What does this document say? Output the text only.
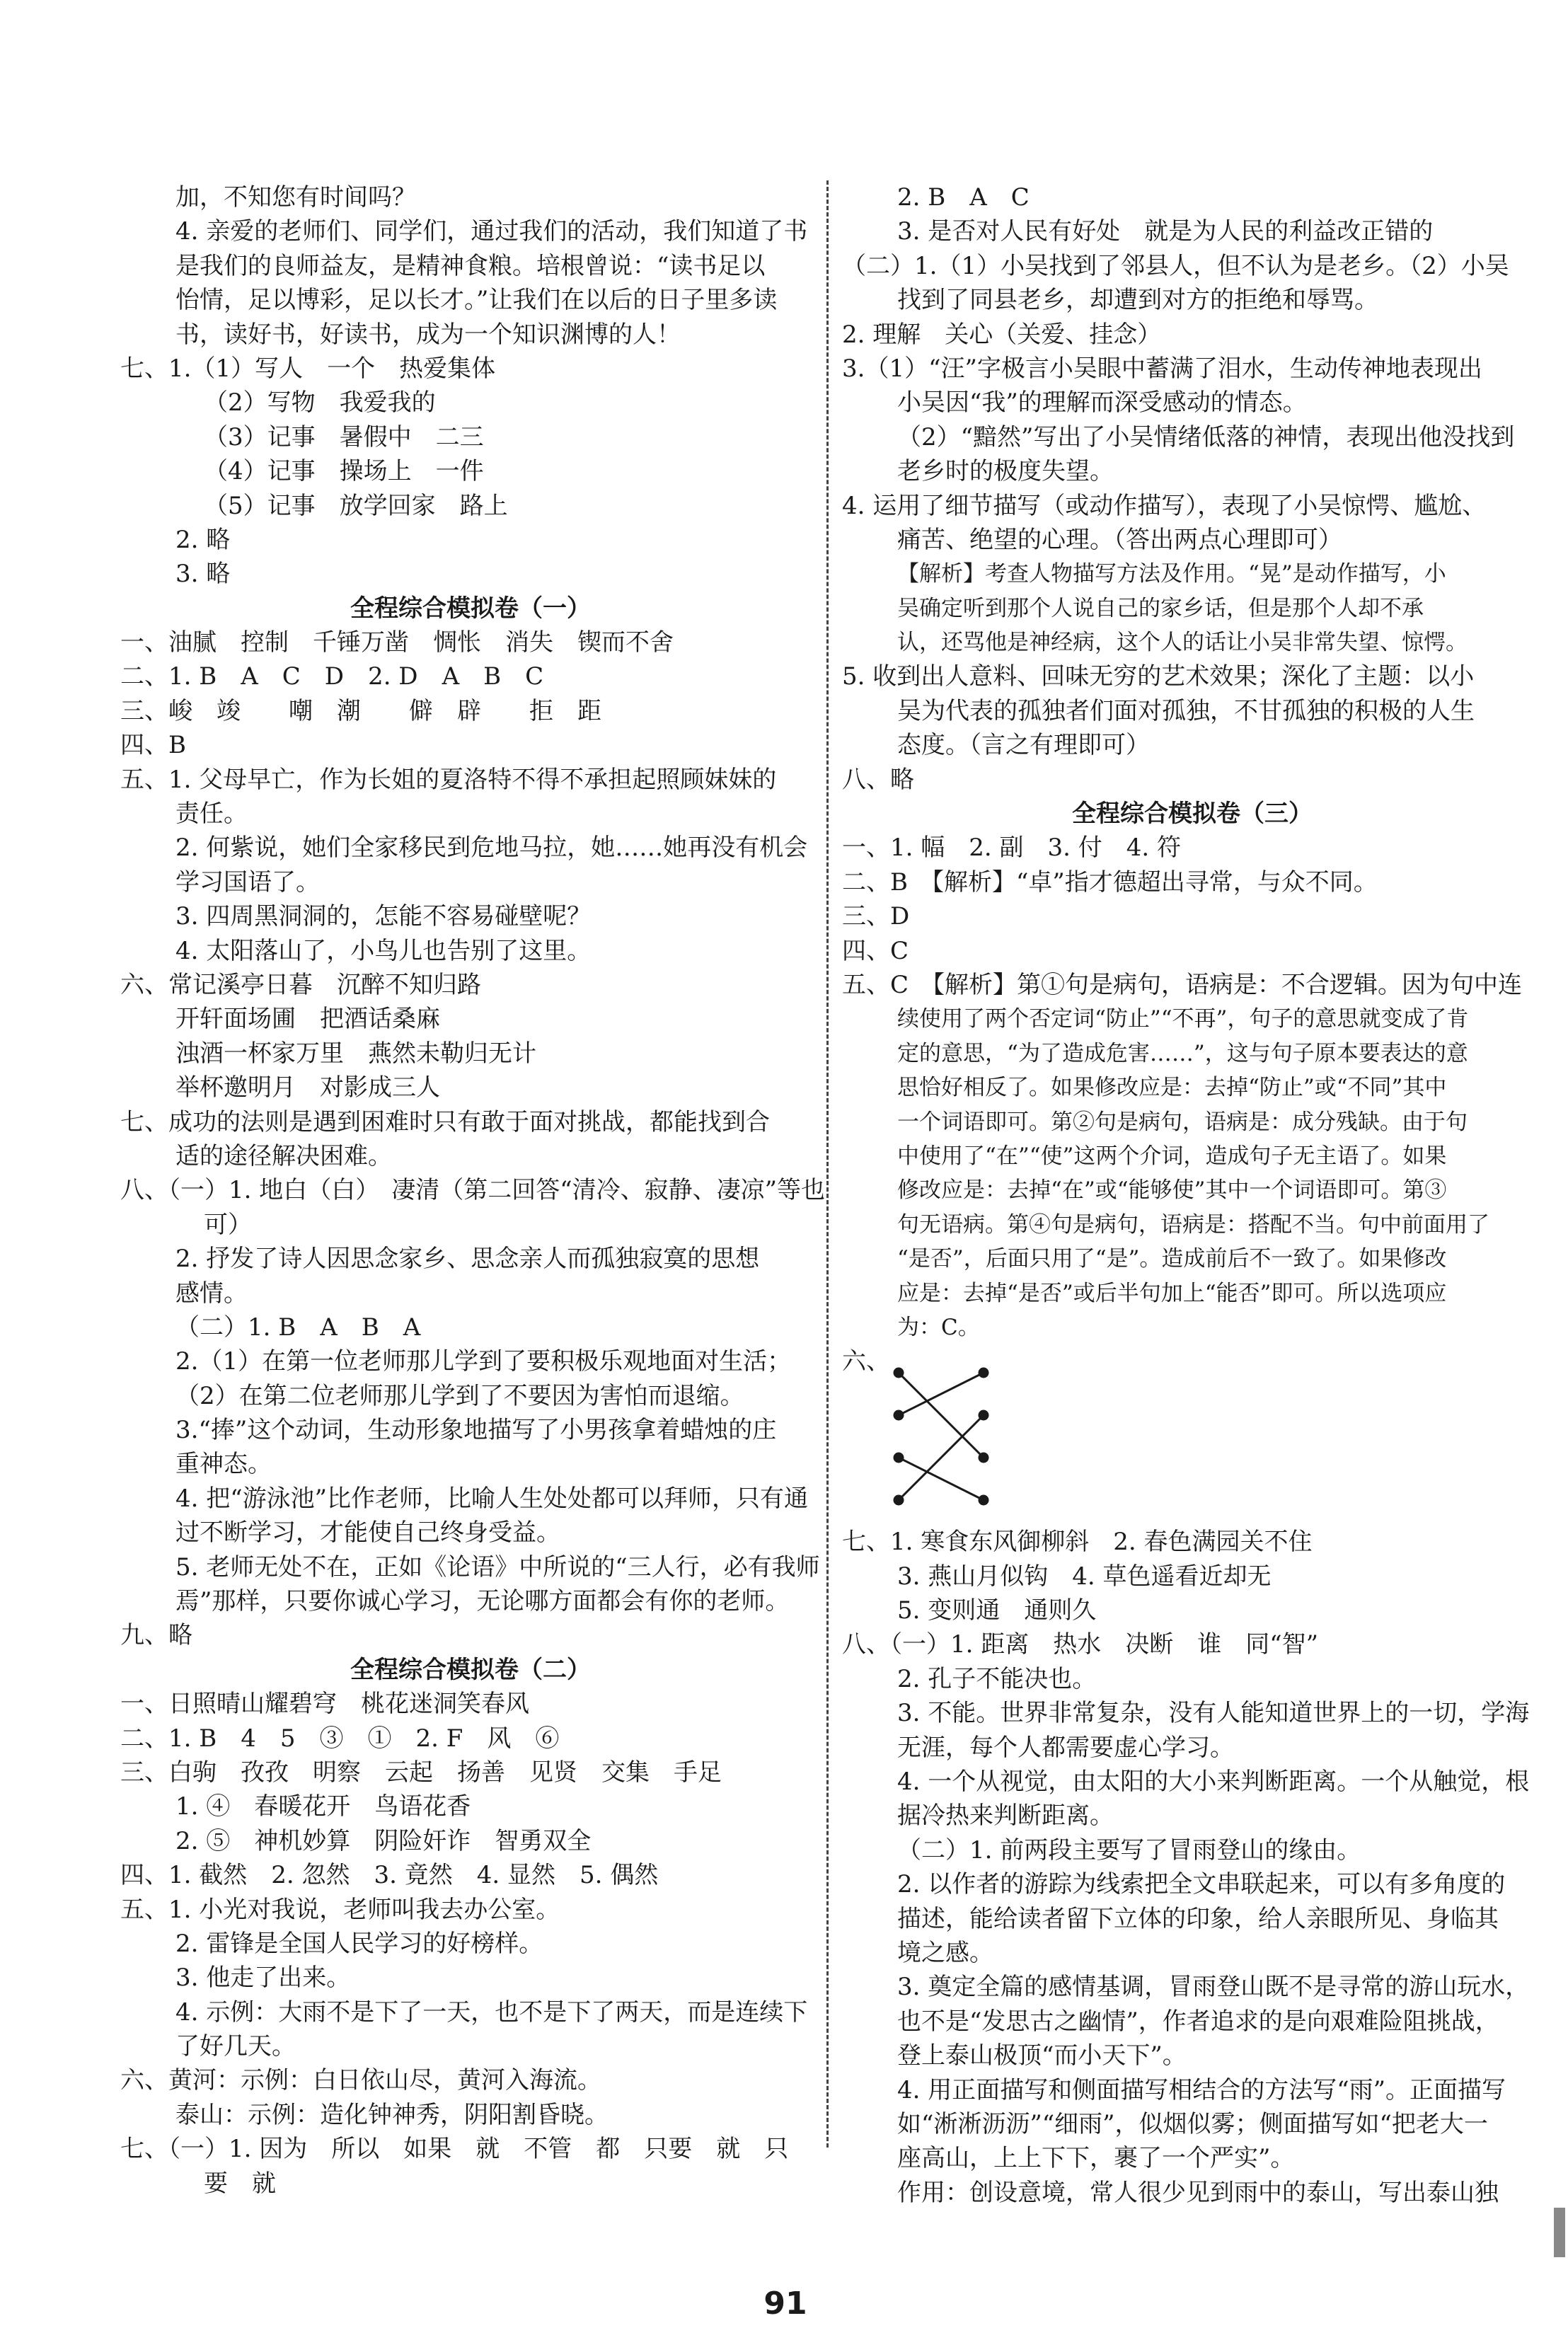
加，不知您有时间吗？
4. 亲爱的老师们、同学们，通过我们的活动，我们知道了书
是我们的良师益友，是精神食粮。培根曾说：“读书足以
怡情，足以博彩，足以长才。”让我们在以后的日子里多读
书，读好书，好读书，成为一个知识渊博的人！
七、1.（1）写人　一个　热爱集体
（2）写物　我爱我的
（3）记事　暑假中　二三
（4）记事　操场上　一件
（5）记事　放学回家　路上
2. 略
3. 略
全程综合模拟卷（一）
一、油腻　控制　千锤万凿　惆怅　消失　锲而不舍
二、1. B　A　C　D　2. D　A　B　C
三、峻　竣　　嘲　潮　　僻　辟　　拒　距
四、B
五、1. 父母早亡，作为长姐的夏洛特不得不承担起照顾妹妹的
责任。
2. 何紫说，她们全家移民到危地马拉，她……她再没有机会
学习国语了。
3. 四周黑洞洞的，怎能不容易碰壁呢？
4. 太阳落山了，小鸟儿也告别了这里。
六、常记溪亭日暮　沉醉不知归路
开轩面场圃　把酒话桑麻
浊酒一杯家万里　燕然未勒归无计
举杯邀明月　对影成三人
七、成功的法则是遇到困难时只有敢于面对挑战，都能找到合
适的途径解决困难。
八、（一）1. 地白（白）　凄清（第二回答“清冷、寂静、凄凉”等也
可）
2. 抒发了诗人因思念家乡、思念亲人而孤独寂寞的思想
感情。
（二）1. B　A　B　A
2.（1）在第一位老师那儿学到了要积极乐观地面对生活；
（2）在第二位老师那儿学到了不要因为害怕而退缩。
3.“捧”这个动词，生动形象地描写了小男孩拿着蜡烛的庄
重神态。
4. 把“游泳池”比作老师，比喻人生处处都可以拜师，只有通
过不断学习，才能使自己终身受益。
5. 老师无处不在，正如《论语》中所说的“三人行，必有我师
焉”那样，只要你诚心学习，无论哪方面都会有你的老师。
九、略
全程综合模拟卷（二）
一、日照晴山耀碧穹　桃花迷洞笑春风
二、1. B　4　5　③　①　2. F　风　⑥
三、白驹　孜孜　明察　云起　扬善　见贤　交集　手足
1. ④　春暖花开　鸟语花香
2. ⑤　神机妙算　阴险奸诈　智勇双全
四、1. 截然　2. 忽然　3. 竟然　4. 显然　5. 偶然
五、1. 小光对我说，老师叫我去办公室。
2. 雷锋是全国人民学习的好榜样。
3. 他走了出来。
4. 示例：大雨不是下了一天，也不是下了两天，而是连续下
了好几天。
六、黄河：示例：白日依山尽，黄河入海流。
泰山：示例：造化钟神秀，阴阳割昏晓。
七、（一）1. 因为　所以　如果　就　不管　都　只要　就　只
要　就
2. B　A　C
3. 是否对人民有好处　就是为人民的利益改正错的
（二）1.（1）小吴找到了邻县人，但不认为是老乡。（2）小吴
找到了同县老乡，却遭到对方的拒绝和辱骂。
2. 理解　关心（关爱、挂念）
3.（1）“汪”字极言小吴眼中蓄满了泪水，生动传神地表现出
小吴因“我”的理解而深受感动的情态。
（2）“黯然”写出了小吴情绪低落的神情，表现出他没找到
老乡时的极度失望。
4. 运用了细节描写（或动作描写），表现了小吴惊愕、尴尬、
痛苦、绝望的心理。（答出两点心理即可）
【解析】考查人物描写方法及作用。“晃”是动作描写，小
吴确定听到那个人说自己的家乡话，但是那个人却不承
认，还骂他是神经病，这个人的话让小吴非常失望、惊愕。
5. 收到出人意料、回味无穷的艺术效果；深化了主题：以小
吴为代表的孤独者们面对孤独，不甘孤独的积极的人生
态度。（言之有理即可）
八、略
全程综合模拟卷（三）
一、1. 幅　2. 副　3. 付　4. 符
二、B　【解析】“卓”指才德超出寻常，与众不同。
三、D
四、C
五、C　【解析】第①句是病句，语病是：不合逻辑。因为句中连
续使用了两个否定词“防止”“不再”，句子的意思就变成了肯
定的意思，“为了造成危害……”，这与句子原本要表达的意
思恰好相反了。如果修改应是：去掉“防止”或“不同”其中
一个词语即可。第②句是病句，语病是：成分残缺。由于句
中使用了“在”“使”这两个介词，造成句子无主语了。如果
修改应是：去掉“在”或“能够使”其中一个词语即可。第③
句无语病。第④句是病句，语病是：搭配不当。句中前面用了
“是否”，后面只用了“是”。造成前后不一致了。如果修改
应是：去掉“是否”或后半句加上“能否”即可。所以选项应
为：C。
六、
七、1. 寒食东风御柳斜　2. 春色满园关不住
3. 燕山月似钩　4. 草色遥看近却无
5. 变则通　通则久
八、（一）1. 距离　热水　决断　谁　同“智”
2. 孔子不能决也。
3. 不能。世界非常复杂，没有人能知道世界上的一切，学海
无涯，每个人都需要虚心学习。
4. 一个从视觉，由太阳的大小来判断距离。一个从触觉，根
据冷热来判断距离。
（二）1. 前两段主要写了冒雨登山的缘由。
2. 以作者的游踪为线索把全文串联起来，可以有多角度的
描述，能给读者留下立体的印象，给人亲眼所见、身临其
境之感。
3. 奠定全篇的感情基调，冒雨登山既不是寻常的游山玩水，
也不是“发思古之幽情”，作者追求的是向艰难险阻挑战，
登上泰山极顶“而小天下”。
4. 用正面描写和侧面描写相结合的方法写“雨”。正面描写
如“淅淅沥沥”“细雨”，似烟似雾；侧面描写如“把老大一
座高山，上上下下，裹了一个严实”。
作用：创设意境，常人很少见到雨中的泰山，写出泰山独
91
